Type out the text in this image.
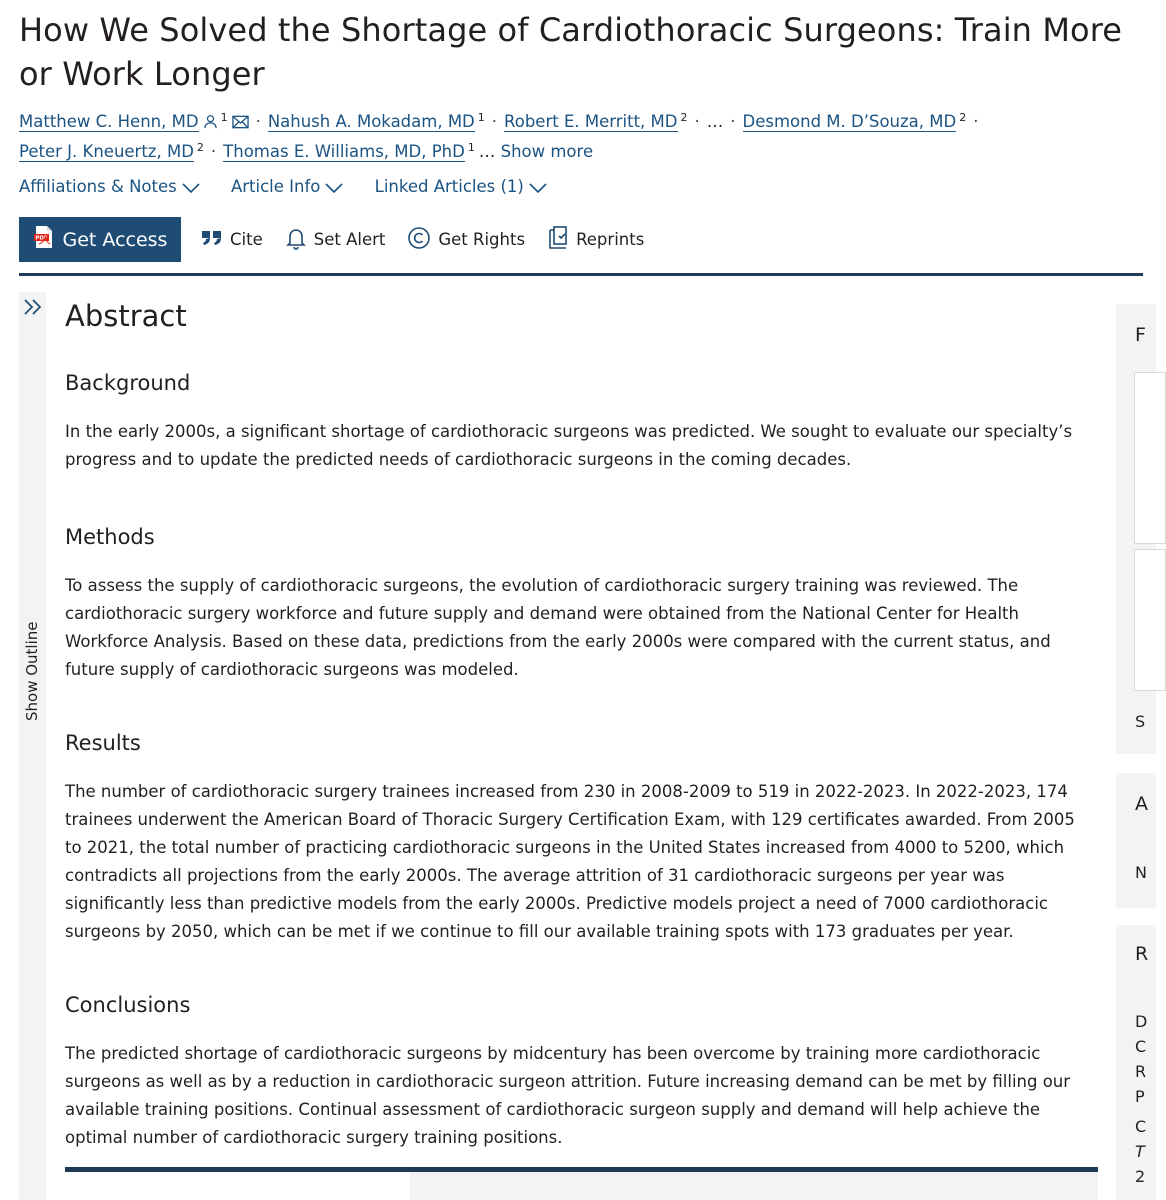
How We Solved the Shortage of Cardiothoracic Surgeons: Train More or Work Longer
Matthew C. Henn, MD $^1$ · Nahush A. Mokadam, MD $^1$ · Robert E. Merritt, MD $^2$ · … · Desmond M. D’Souza, MD $^2$ ·
Peter J. Kneuertz, MD $^2$ · Thomas E. Williams, MD, PhD $^1$ … Show more
Affiliations & Notes	Article Info	Linked Articles (1)
PDF Get Access	Cite	Set Alert	Get Rights	Reprints
Show Outline
Abstract
Background

In the early 2000s, a significant shortage of cardiothoracic surgeons was predicted. We sought to evaluate our specialty’s progress and to update the predicted needs of cardiothoracic surgeons in the coming decades.

Methods

To assess the supply of cardiothoracic surgeons, the evolution of cardiothoracic surgery training was reviewed. The cardiothoracic surgery workforce and future supply and demand were obtained from the National Center for Health Workforce Analysis. Based on these data, predictions from the early 2000s were compared with the current status, and future supply of cardiothoracic surgeons was modeled.

Results

The number of cardiothoracic surgery trainees increased from 230 in 2008-2009 to 519 in 2022-2023. In 2022-2023, 174 trainees underwent the American Board of Thoracic Surgery Certification Exam, with 129 certificates awarded. From 2005 to 2021, the total number of practicing cardiothoracic surgeons in the United States increased from 4000 to 5200, which contradicts all projections from the early 2000s. The average attrition of 31 cardiothoracic surgeons per year was significantly less than predictive models from the early 2000s. Predictive models project a need of 7000 cardiothoracic surgeons by 2050, which can be met if we continue to fill our available training spots with 173 graduates per year.

Conclusions

The predicted shortage of cardiothoracic surgeons by midcentury has been overcome by training more cardiothoracic surgeons as well as by a reduction in cardiothoracic surgeon attrition. Future increasing demand can be met by filling our available training positions. Continual assessment of cardiothoracic surgeon supply and demand will help achieve the optimal number of cardiothoracic surgery training positions.

F
S
A
N
R
D
C
R
P
C
T
2
